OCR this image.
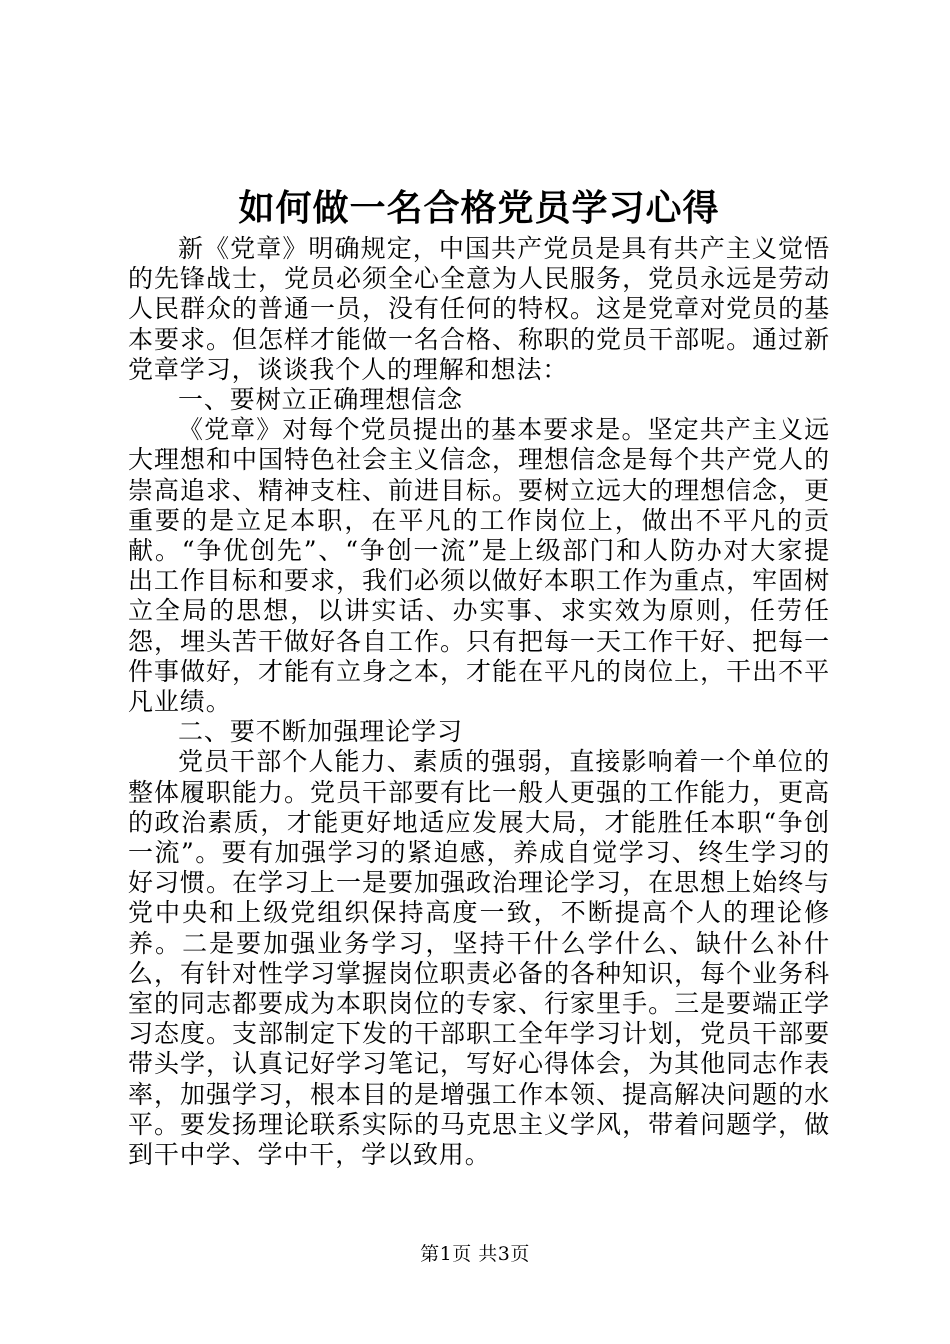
如何做一名合格党员学习心得

新《党章》明确规定，中国共产党员是具有共产主义觉悟的先锋战士，党员必须全心全意为人民服务，党员永远是劳动人民群众的普通一员，没有任何的特权。这是党章对党员的基本要求。但怎样才能做一名合格、称职的党员干部呢。通过新党章学习，谈谈我个人的理解和想法：

一、要树立正确理想信念

《党章》对每个党员提出的基本要求是。坚定共产主义远大理想和中国特色社会主义信念，理想信念是每个共产党人的崇高追求、精神支柱、前进目标。要树立远大的理想信念，更重要的是立足本职，在平凡的工作岗位上，做出不平凡的贡献。“争优创先”、“争创一流”是上级部门和人防办对大家提出工作目标和要求，我们必须以做好本职工作为重点，牢固树立全局的思想，以讲实话、办实事、求实效为原则，任劳任怨，埋头苦干做好各自工作。只有把每一天工作干好、把每一件事做好，才能有立身之本，才能在平凡的岗位上，干出不平凡业绩。

二、要不断加强理论学习

党员干部个人能力、素质的强弱，直接影响着一个单位的整体履职能力。党员干部要有比一般人更强的工作能力，更高的政治素质，才能更好地适应发展大局，才能胜任本职“争创一流”。要有加强学习的紧迫感，养成自觉学习、终生学习的好习惯。在学习上一是要加强政治理论学习，在思想上始终与党中央和上级党组织保持高度一致，不断提高个人的理论修养。二是要加强业务学习，坚持干什么学什么、缺什么补什么，有针对性学习掌握岗位职责必备的各种知识，每个业务科室的同志都要成为本职岗位的专家、行家里手。三是要端正学习态度。支部制定下发的干部职工全年学习计划，党员干部要带头学，认真记好学习笔记，写好心得体会，为其他同志作表率，加强学习，根本目的是增强工作本领、提高解决问题的水平。要发扬理论联系实际的马克思主义学风，带着问题学，做到干中学、学中干，学以致用。

第1页 共3页
